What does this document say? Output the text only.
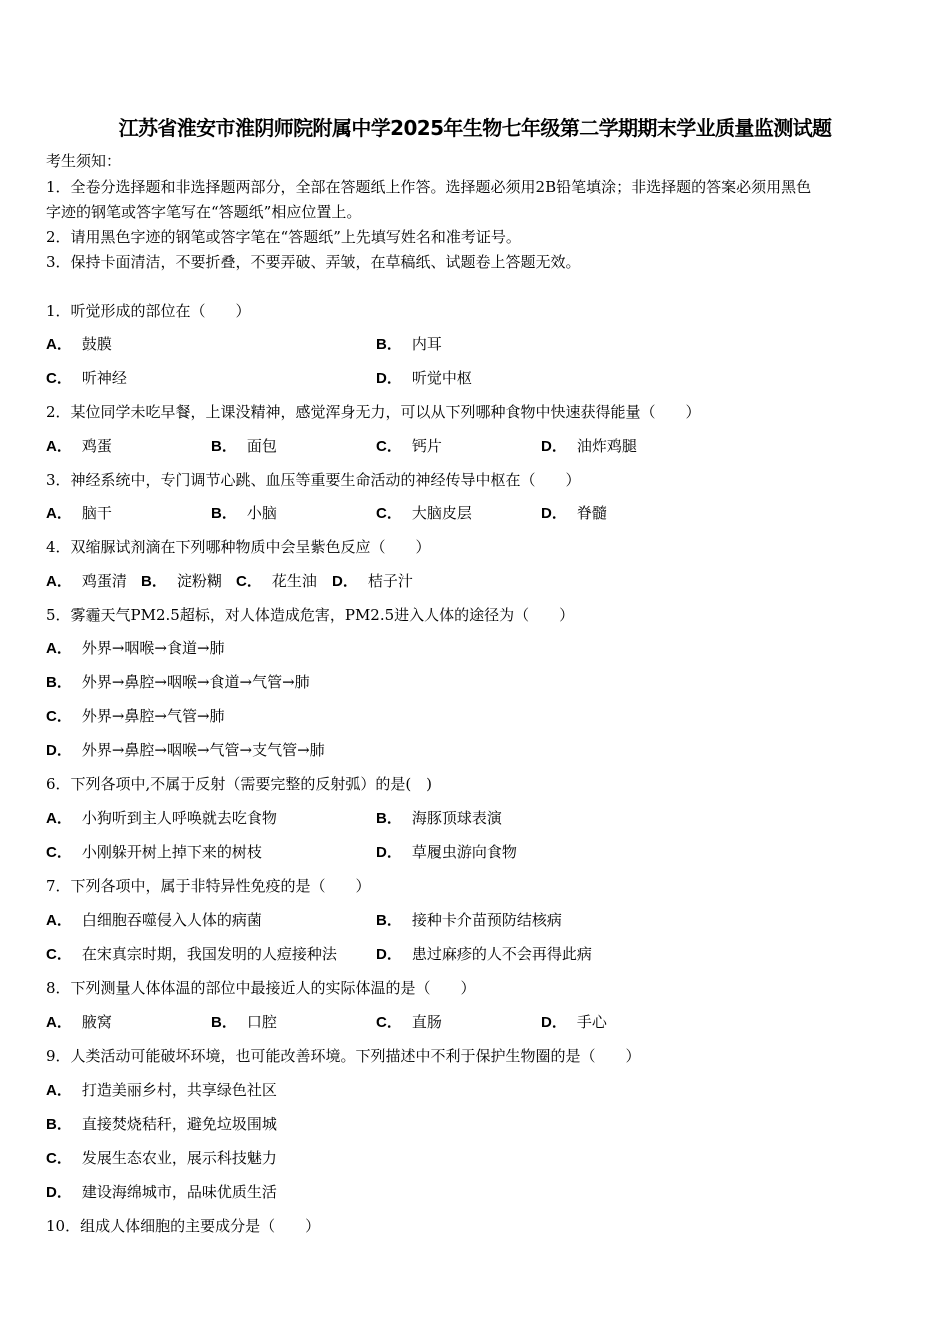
江苏省淮安市淮阴师院附属中学2025年生物七年级第二学期期末学业质量监测试题
考生须知：
1．全卷分选择题和非选择题两部分，全部在答题纸上作答。选择题必须用2B铅笔填涂；非选择题的答案必须用黑色
字迹的钢笔或答字笔写在“答题纸”相应位置上。
2．请用黑色字迹的钢笔或答字笔在“答题纸”上先填写姓名和准考证号。
3．保持卡面清洁，不要折叠，不要弄破、弄皱，在草稿纸、试题卷上答题无效。
1．听觉形成的部位在（　　）
A． 鼓膜	B． 内耳
C． 听神经	D． 听觉中枢
2．某位同学未吃早餐，上课没精神，感觉浑身无力，可以从下列哪种食物中快速获得能量（　　）
A． 鸡蛋	B． 面包	C． 钙片	D． 油炸鸡腿
3．神经系统中，专门调节心跳、血压等重要生命活动的神经传导中枢在（　　）
A． 脑干	B． 小脑	C． 大脑皮层	D． 脊髓
4．双缩脲试剂滴在下列哪种物质中会呈紫色反应（　　）
A． 鸡蛋清 B． 淀粉糊 C． 花生油 D． 桔子汁
5．雾霾天气PM2.5超标，对人体造成危害，PM2.5进入人体的途径为（　　）
A． 外界→咽喉→食道→肺
B． 外界→鼻腔→咽喉→食道→气管→肺
C． 外界→鼻腔→气管→肺
D． 外界→鼻腔→咽喉→气管→支气管→肺
6．下列各项中,不属于反射（需要完整的反射弧）的是(　)
A． 小狗听到主人呼唤就去吃食物	B． 海豚顶球表演
C． 小刚躲开树上掉下来的树枝	D． 草履虫游向食物
7．下列各项中，属于非特异性免疫的是（　　）
A． 白细胞吞噬侵入人体的病菌	B． 接种卡介苗预防结核病
C． 在宋真宗时期，我国发明的人痘接种法	D． 患过麻疹的人不会再得此病
8．下列测量人体体温的部位中最接近人的实际体温的是（　　）
A． 腋窝	B． 口腔	C． 直肠	D． 手心
9．人类活动可能破坏环境，也可能改善环境。下列描述中不利于保护生物圈的是（　　）
A． 打造美丽乡村，共享绿色社区
B． 直接焚烧秸秆，避免垃圾围城
C． 发展生态农业，展示科技魅力
D． 建设海绵城市，品味优质生活
10．组成人体细胞的主要成分是（　　）
